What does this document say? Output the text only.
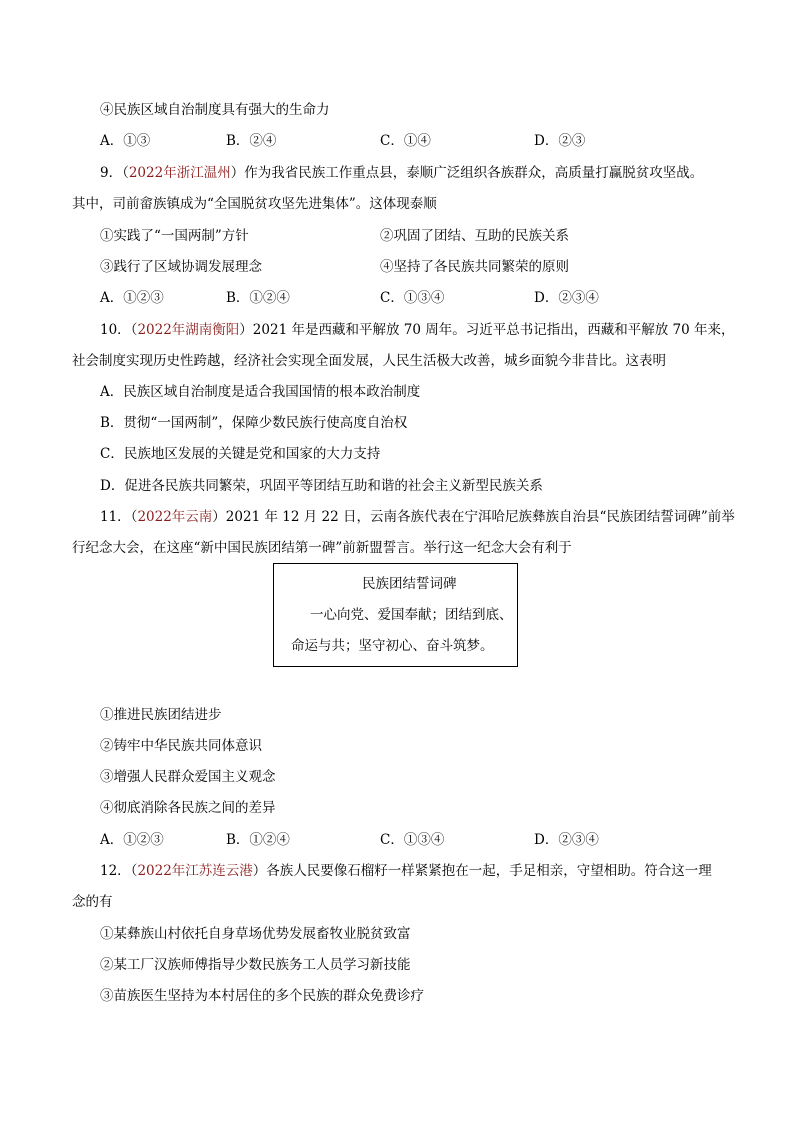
④民族区域自治制度具有强大的生命力
A．①③	B．②④	C．①④	D．②③
9．（2022年浙江温州）作为我省民族工作重点县，泰顺广泛组织各族群众，高质量打赢脱贫攻坚战。
其中，司前畲族镇成为“全国脱贫攻坚先进集体”。这体现泰顺
①实践了“一国两制”方针	②巩固了团结、互助的民族关系
③践行了区域协调发展理念	④坚持了各民族共同繁荣的原则
A．①②③	B．①②④	C．①③④	D．②③④
10．（2022年湖南衡阳）2021 年是西藏和平解放 70 周年。习近平总书记指出，西藏和平解放 70 年来，
社会制度实现历史性跨越，经济社会实现全面发展，人民生活极大改善，城乡面貌今非昔比。这表明
A．民族区域自治制度是适合我国国情的根本政治制度
B．贯彻“一国两制”，保障少数民族行使高度自治权
C．民族地区发展的关键是党和国家的大力支持
D．促进各民族共同繁荣，巩固平等团结互助和谐的社会主义新型民族关系
11．（2022年云南）2021 年 12 月 22 日，云南各族代表在宁洱哈尼族彝族自治县“民族团结誓词碑”前举
行纪念大会，在这座“新中国民族团结第一碑”前新盟誓言。举行这一纪念大会有利于
民族团结誓词碑
一心向党、爱国奉献；团结到底、
命运与共；坚守初心、奋斗筑梦。
①推进民族团结进步
②铸牢中华民族共同体意识
③增强人民群众爱国主义观念
④彻底消除各民族之间的差异
A．①②③	B．①②④	C．①③④	D．②③④
12．（2022年江苏连云港）各族人民要像石榴籽一样紧紧抱在一起，手足相亲，守望相助。符合这一理
念的有
①某彝族山村依托自身草场优势发展畜牧业脱贫致富
②某工厂汉族师傅指导少数民族务工人员学习新技能
③苗族医生坚持为本村居住的多个民族的群众免费诊疗
